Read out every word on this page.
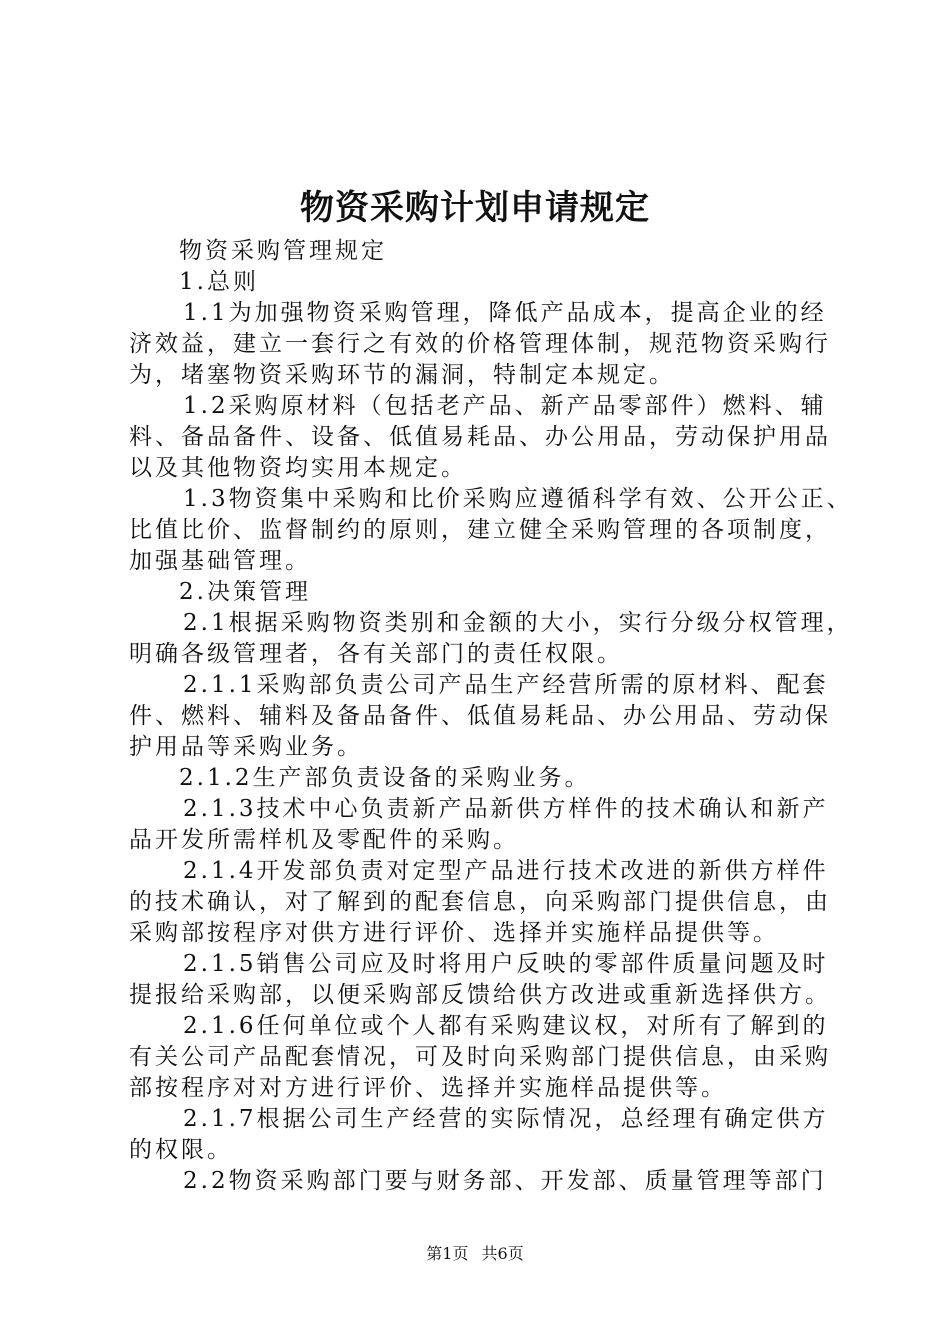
物资采购计划申请规定
物资采购管理规定
1.总则
1.1为加强物资采购管理，降低产品成本，提高企业的经
济效益，建立一套行之有效的价格管理体制，规范物资采购行
为，堵塞物资采购环节的漏洞，特制定本规定。
1.2采购原材料（包括老产品、新产品零部件）燃料、辅
料、备品备件、设备、低值易耗品、办公用品，劳动保护用品
以及其他物资均实用本规定。
1.3物资集中采购和比价采购应遵循科学有效、公开公正、
比值比价、监督制约的原则，建立健全采购管理的各项制度，
加强基础管理。
2.决策管理
2.1根据采购物资类别和金额的大小，实行分级分权管理，
明确各级管理者，各有关部门的责任权限。
2.1.1采购部负责公司产品生产经营所需的原材料、配套
件、燃料、辅料及备品备件、低值易耗品、办公用品、劳动保
护用品等采购业务。
2.1.2生产部负责设备的采购业务。
2.1.3技术中心负责新产品新供方样件的技术确认和新产
品开发所需样机及零配件的采购。
2.1.4开发部负责对定型产品进行技术改进的新供方样件
的技术确认，对了解到的配套信息，向采购部门提供信息，由
采购部按程序对供方进行评价、选择并实施样品提供等。
2.1.5销售公司应及时将用户反映的零部件质量问题及时
提报给采购部，以便采购部反馈给供方改进或重新选择供方。
2.1.6任何单位或个人都有采购建议权，对所有了解到的
有关公司产品配套情况，可及时向采购部门提供信息，由采购
部按程序对对方进行评价、选择并实施样品提供等。
2.1.7根据公司生产经营的实际情况，总经理有确定供方
的权限。
2.2物资采购部门要与财务部、开发部、质量管理等部门
第1页 共6页
